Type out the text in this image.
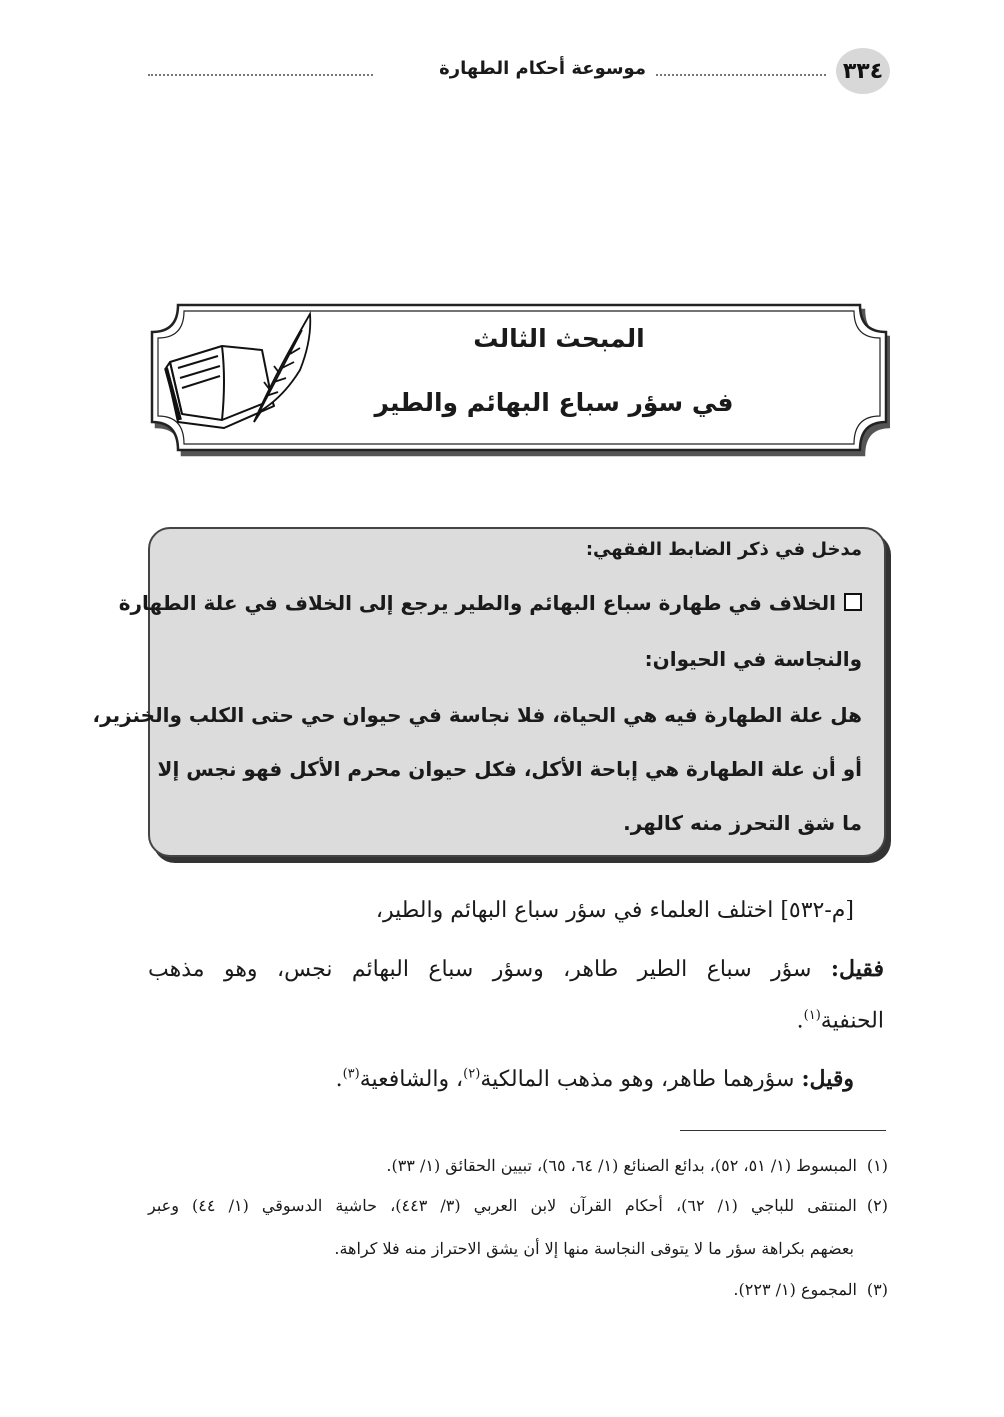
٣٣٤
موسوعة أحكام الطهارة
المبحث الثالث
في سؤر سباع البهائم والطير
مدخل في ذكر الضابط الفقهي:
الخلاف في طهارة سباع البهائم والطير يرجع إلى الخلاف في علة الطهارة
والنجاسة في الحيوان:
هل علة الطهارة فيه هي الحياة، فلا نجاسة في حيوان حي حتى الكلب والخنزير،
أو أن علة الطهارة هي إباحة الأكل، فكل حيوان محرم الأكل فهو نجس إلا
ما شق التحرز منه كالهر.
[م-٥٣٢] اختلف العلماء في سؤر سباع البهائم والطير،
فقيل: سؤر سباع الطير طاهر، وسؤر سباع البهائم نجس، وهو مذهب
الحنفية$^{(١)}$.
وقيل: سؤرهما طاهر، وهو مذهب المالكية$^{(٢)}$، والشافعية$^{(٣)}$.
(١)المبسوط (١/ ٥١، ٥٢)، بدائع الصنائع (١/ ٦٤، ٦٥)، تبيين الحقائق (١/ ٣٣).
(٢)المنتقى للباجي (١/ ٦٢)، أحكام القرآن لابن العربي (٣/ ٤٤٣)، حاشية الدسوقي (١/ ٤٤) وعبر
بعضهم بكراهة سؤر ما لا يتوقى النجاسة منها إلا أن يشق الاحتراز منه فلا كراهة.
(٣)المجموع (١/ ٢٢٣).
